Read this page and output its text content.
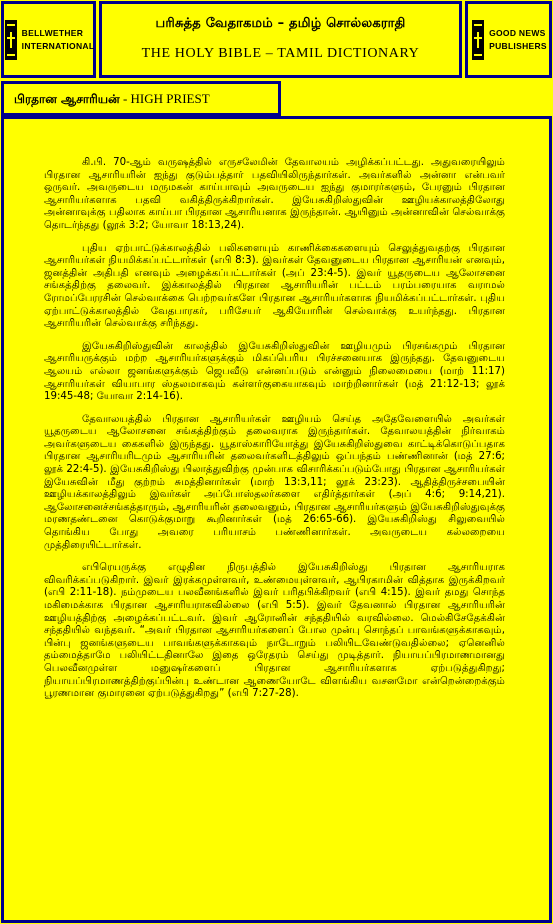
BELLWETHER
INTERNATIONAL
பரிசுத்த வேதாகமம் – தமிழ் சொல்லகராதி
THE HOLY BIBLE – TAMIL DICTIONARY
GOOD NEWS
PUBLISHERS
பிரதான ஆசாரியன் - HIGH PRIEST

கி.பி. 70-ஆம் வருஷத்தில் எருசலேமின் தேவாலயம் அழிக்கப்பட்டது. அதுவரையிலும் பிரதான ஆசாரியரின் ஐந்து குடும்பத்தார் பதவியிலிருந்தார்கள். அவர்களில் அன்னா என்பவர் ஒருவர். அவருடைய மருமகன் காய்பாவும் அவருடைய ஐந்து குமாரர்களும், பேரனும் பிரதான ஆசாரியர்களாக பதவி வகித்திருக்கிறார்கள். இயேசுகிறிஸ்துவின் ஊழியக்காலத்திலோது அன்னாவுக்கு பதிலாக காய்பா பிரதான ஆசாரியனாக இருந்தான். ஆயினும் அன்னாவின் செல்வாக்கு தொடர்ந்தது (லூக் 3:2; யோவா 18:13,24).

புதிய ஏற்பாட்டுக்காலத்தில் பலிகளையும் காணிக்கைகளையும் செலுத்துவதற்கு பிரதான ஆசாரியர்கள் நியமிக்கப்பட்டார்கள் (எபி 8:3). இவர்கள் தேவனுடைய பிரதான ஆசாரியன் எனவும், ஜனத்தின் அதிபதி எனவும் அழைக்கப்பட்டார்கள் (அப் 23:4-5). இவர் யூதருடைய ஆலோசனை சங்கத்திற்கு தலைவர். இக்காலத்தில் பிரதான ஆசாரியரின் பட்டம் பரம்பரையாக வராமல் ரோமப்பேரரசின் செல்வாக்கை பெற்றவர்களே பிரதான ஆசாரியர்களாக நியமிக்கப்பட்டார்கள். புதிய ஏற்பாட்டுக்காலத்தில் வேதபாரகர், பரிசேயர் ஆகியோரின் செல்வாக்கு உயர்ந்தது. பிரதான ஆசாரியரின் செல்வாக்கு சரிந்தது.

இயேசுகிறிஸ்துவின் காலத்தில் இயேசுகிறிஸ்துவின் ஊழியமும் பிரசங்கமும் பிரதான ஆசாரியருக்கும் மற்ற ஆசாரியர்களுக்கும் மிகப்பெரிய பிரச்சனையாக இருந்தது. தேவனுடைய ஆலயம் எல்லா ஜனங்களுக்கும் ஜெபவீடு என்னப்படும் என்னும் நிலைமையை (மாற் 11:17) ஆசாரியர்கள் வியாபார ஸ்தலமாகவும் கள்ளர்குகையாகவும் மாற்றினார்கள் (மத் 21:12-13; லூக் 19:45-48; யோவா 2:14-16).

தேவாலயத்தில் பிரதான ஆசாரியர்கள் ஊழியம் செய்த அதேவேளையில் அவர்கள் யூதருடைய ஆலோசனை சங்கத்திற்கும் தலைவராக இருந்தார்கள். தேவாலயத்தின் நிர்வாகம் அவர்களுடைய கைகளில் இருந்தது. யூதாஸ்காரியோத்து இயேசுகிறிஸ்துவை காட்டிக்கொடுப்பதாக பிரதான ஆசாரியரிடமும் ஆசாரியரின் தலைவர்களிடத்திலும் ஒப்பந்தம் பண்ணினான் (மத் 27:6; லூக் 22:4-5). இயேசுகிறிஸ்து பிலாத்துவிற்கு முன்பாக விசாரிக்கப்படும்போது பிரதான ஆசாரியர்கள் இயேசுவின் மீது குற்றம் சுமத்தினார்கள் (மாற் 13:3,11; லூக் 23:23). ஆதித்திருச்சபையின் ஊழியக்காலத்திலும் இவர்கள் அப்போஸ்தலர்களை எதிர்த்தார்கள் (அப் 4:6; 9:14,21). ஆலோசனைச்சங்கத்தாரும், ஆசாரியரின் தலைவனும், பிரதான ஆசாரியர்களும் இயேசுகிறிஸ்துவுக்கு மரணதண்டனை கொடுக்குமாறு கூறினார்கள் (மத் 26:65-66). இயேசுகிறிஸ்து சிலுவையில் தொங்கிய போது அவரை பரியாசம் பண்ணினார்கள். அவருடைய கல்லறையை முத்திரையிட்டார்கள்.

எபிரெயருக்கு எழுதின நிருபத்தில் இயேசுகிறிஸ்து பிரதான ஆசாரியராக விவரிக்கப்படுகிறார். இவர் இரக்கமுள்ளவர், உண்மையுள்ளவர், ஆபிரகாமின் வித்தாக இருக்கிறவர் (எபி 2:11-18). நம்முடைய பலவீனங்களில் இவர் பரிதபிக்கிறவர் (எபி 4:15). இவர் தமது சொந்த மகிமைக்காக பிரதான ஆசாரியராகவில்லை (எபி 5:5). இவர் தேவனால் பிரதான ஆசாரியரின் ஊழியத்திற்கு அழைக்கப்பட்டவர். இவர் ஆரோனின் சந்ததியில் வரவில்லை. மெல்கிசேதேக்கின் சந்ததியில் வந்தவர். “அவர் பிரதான ஆசாரியர்களைப் போல முன்பு சொந்தப் பாவங்களுக்காகவும், பின்பு ஜனங்களுடைய பாவங்களுக்காகவும் நாடோறும் பலியிடவேண்டுவதில்லை; ஏனெனில் தம்மைத்தாமே பலியிட்டதினாலே இதை ஒரேதரம் செய்து முடித்தார். நியாயப்பிரமாணமானது பெலவீனமுள்ள மனுஷர்களைப் பிரதான ஆசாரியர்களாக ஏற்படுத்துகிறது; நியாயப்பிரமாணத்திற்குப்பின்பு உண்டான ஆணையோடே விளங்கிய வசனமோ என்றென்றைக்கும் பூரணமான குமாரனை ஏற்படுத்துகிறது” (எபி 7:27-28).
